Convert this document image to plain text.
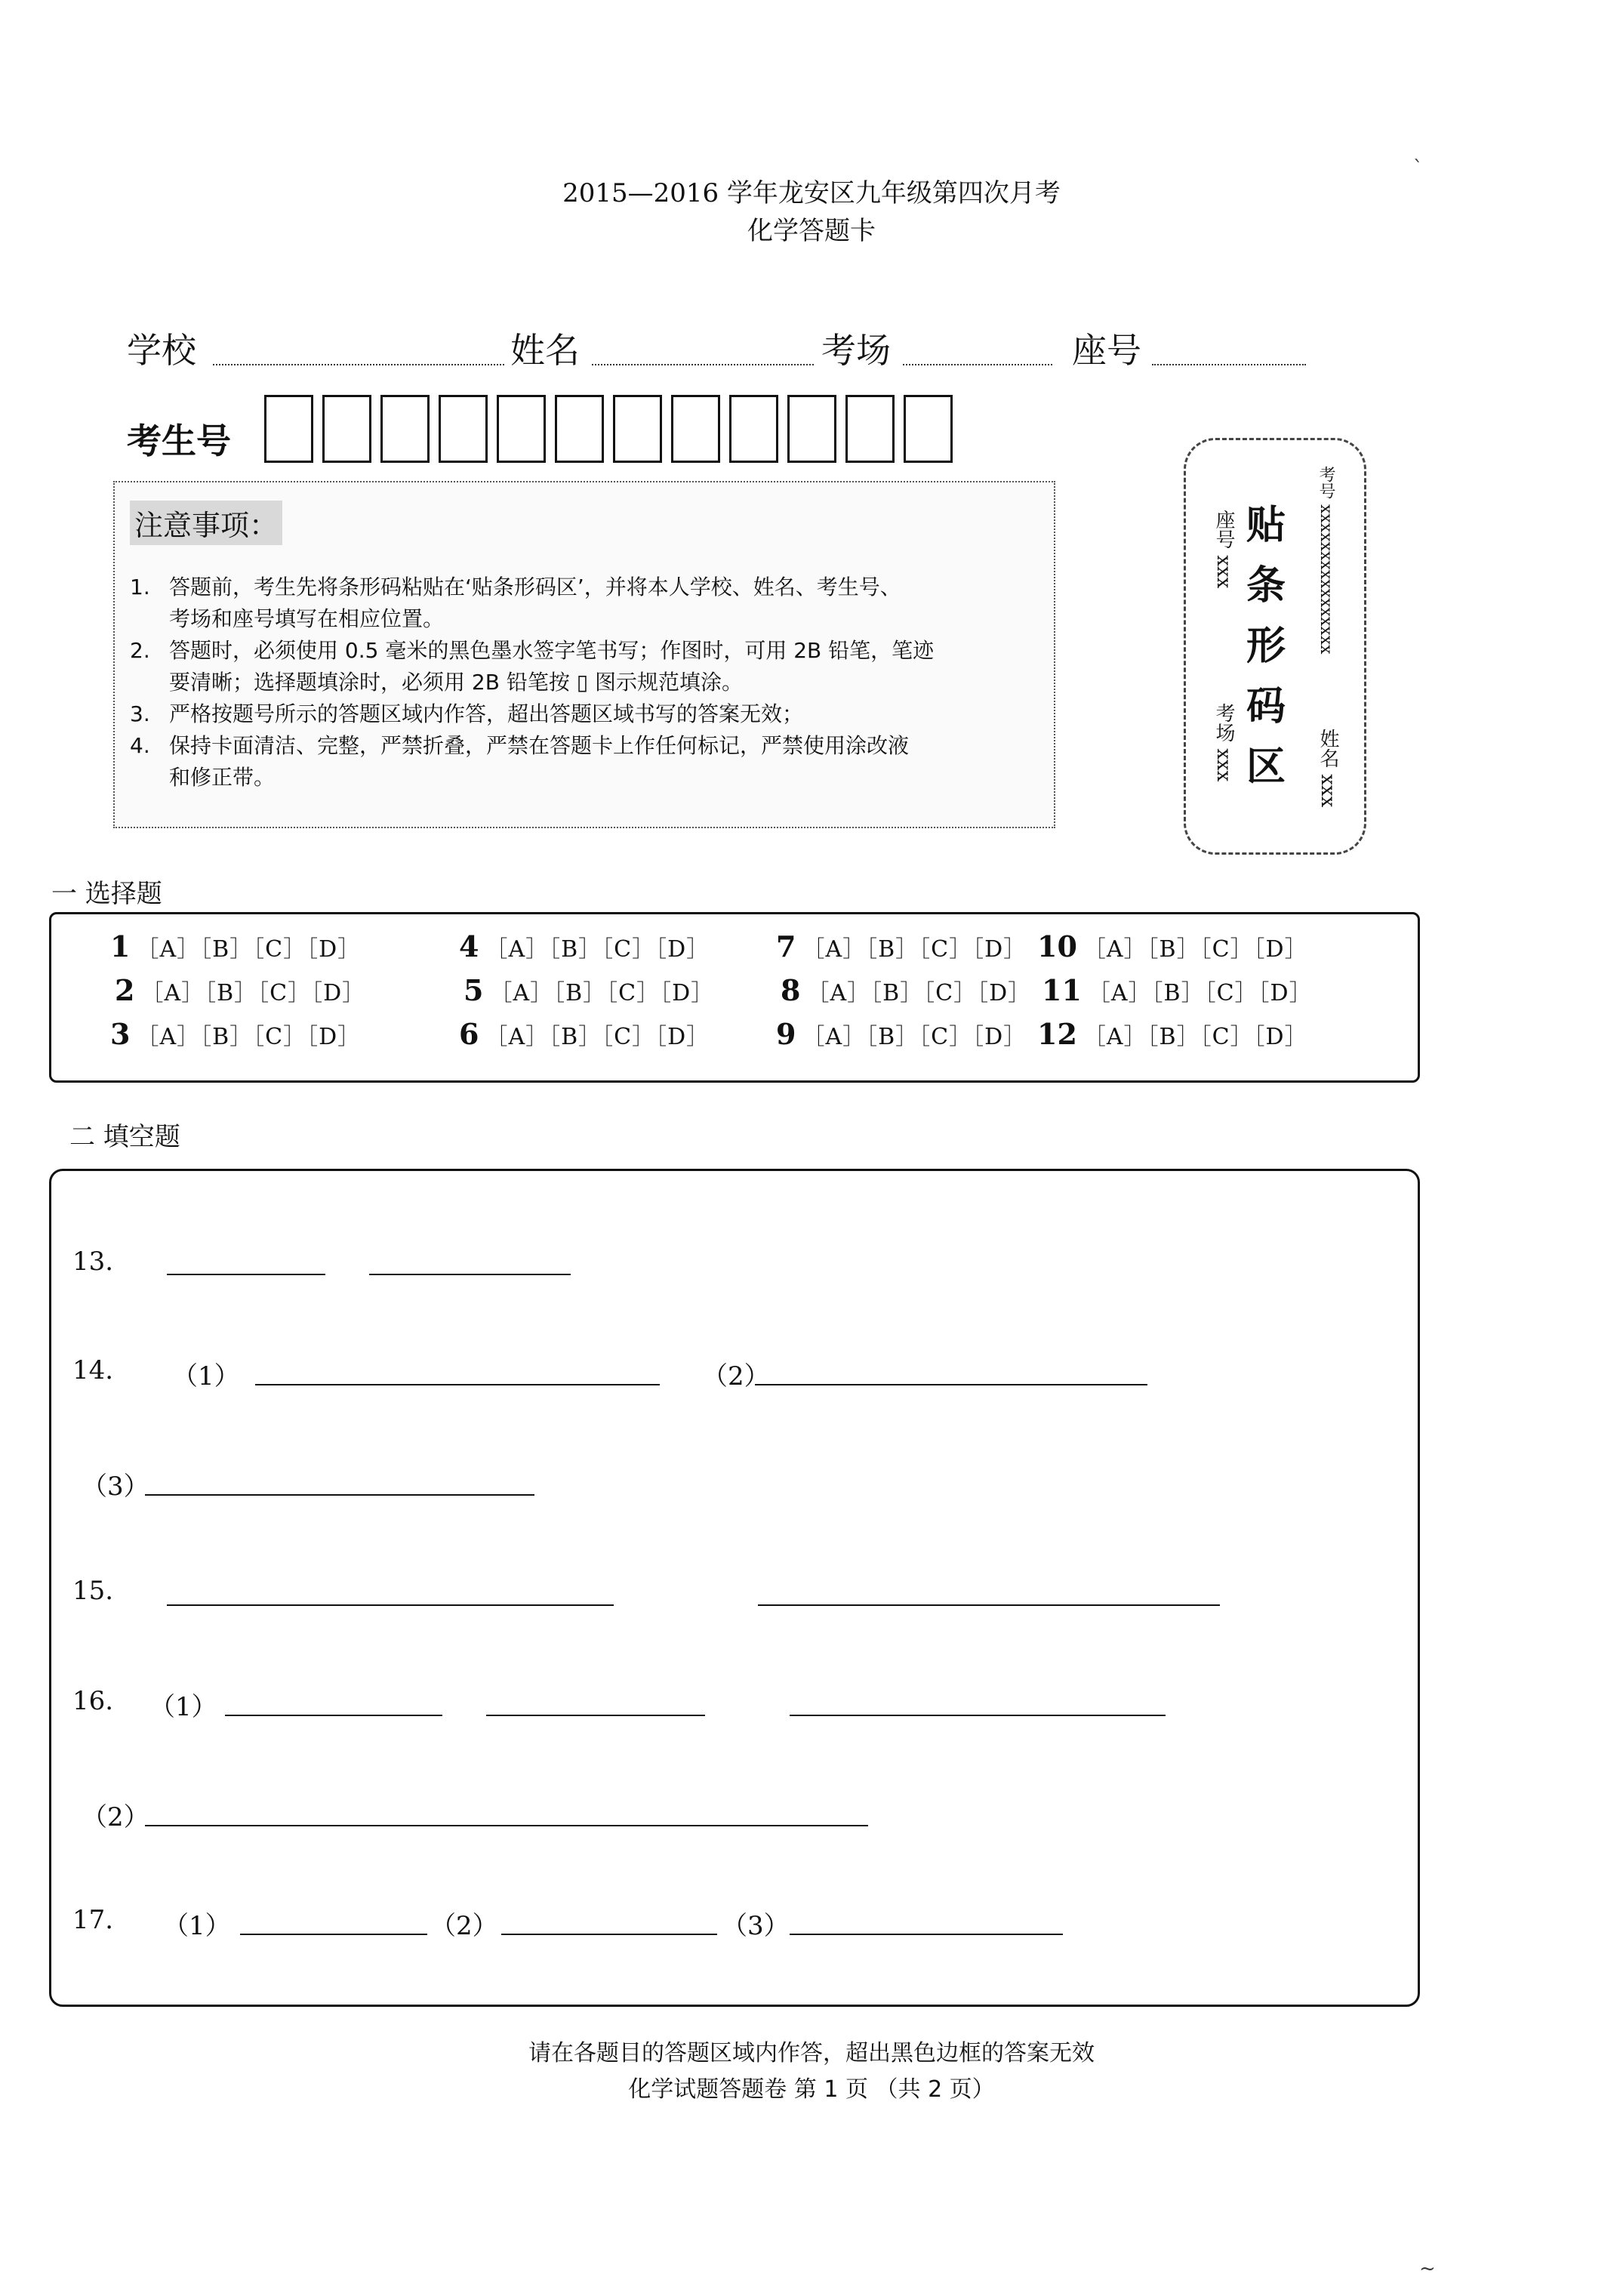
2015—2016 学年龙安区九年级第四次月考
化学答题卡
学校	姓名	考场	座号
考生号
注意事项：
1. 答题前，考生先将条形码粘贴在‘贴条形码区’，并将本人学校、姓名、考生号、
考场和座号填写在相应位置。
2. 答题时，必须使用 0.5 毫米的黑色墨水签字笔书写；作图时，可用 2B 铅笔，笔迹
要清晰；选择题填涂时，必须用 2B 铅笔按 ▯ 图示规范填涂。
3. 严格按题号所示的答题区域内作答，超出答题区域书写的答案无效；
4. 保持卡面清洁、完整，严禁折叠，严禁在答题卡上作任何标记，严禁使用涂改液
和修正带。
座号 xxx
考场 xxx
贴
条
形
码
区
考号 xxxxxxxxxxxxxxxx
姓名 xxx
一 选择题
1 ［A］［B］［C］［D］
2 ［A］［B］［C］［D］
3 ［A］［B］［C］［D］
4 ［A］［B］［C］［D］
5 ［A］［B］［C］［D］
6 ［A］［B］［C］［D］
7 ［A］［B］［C］［D］
8 ［A］［B］［C］［D］
9 ［A］［B］［C］［D］
10 ［A］［B］［C］［D］
11 ［A］［B］［C］［D］
12 ［A］［B］［C］［D］
二 填空题
13.
14. （1）	（2）
（3）
15.
16. （1）
（2）
17. （1）	（2）	（3）
请在各题目的答题区域内作答，超出黑色边框的答案无效
化学试题答题卷 第 1 页 （共 2 页）
`
~
